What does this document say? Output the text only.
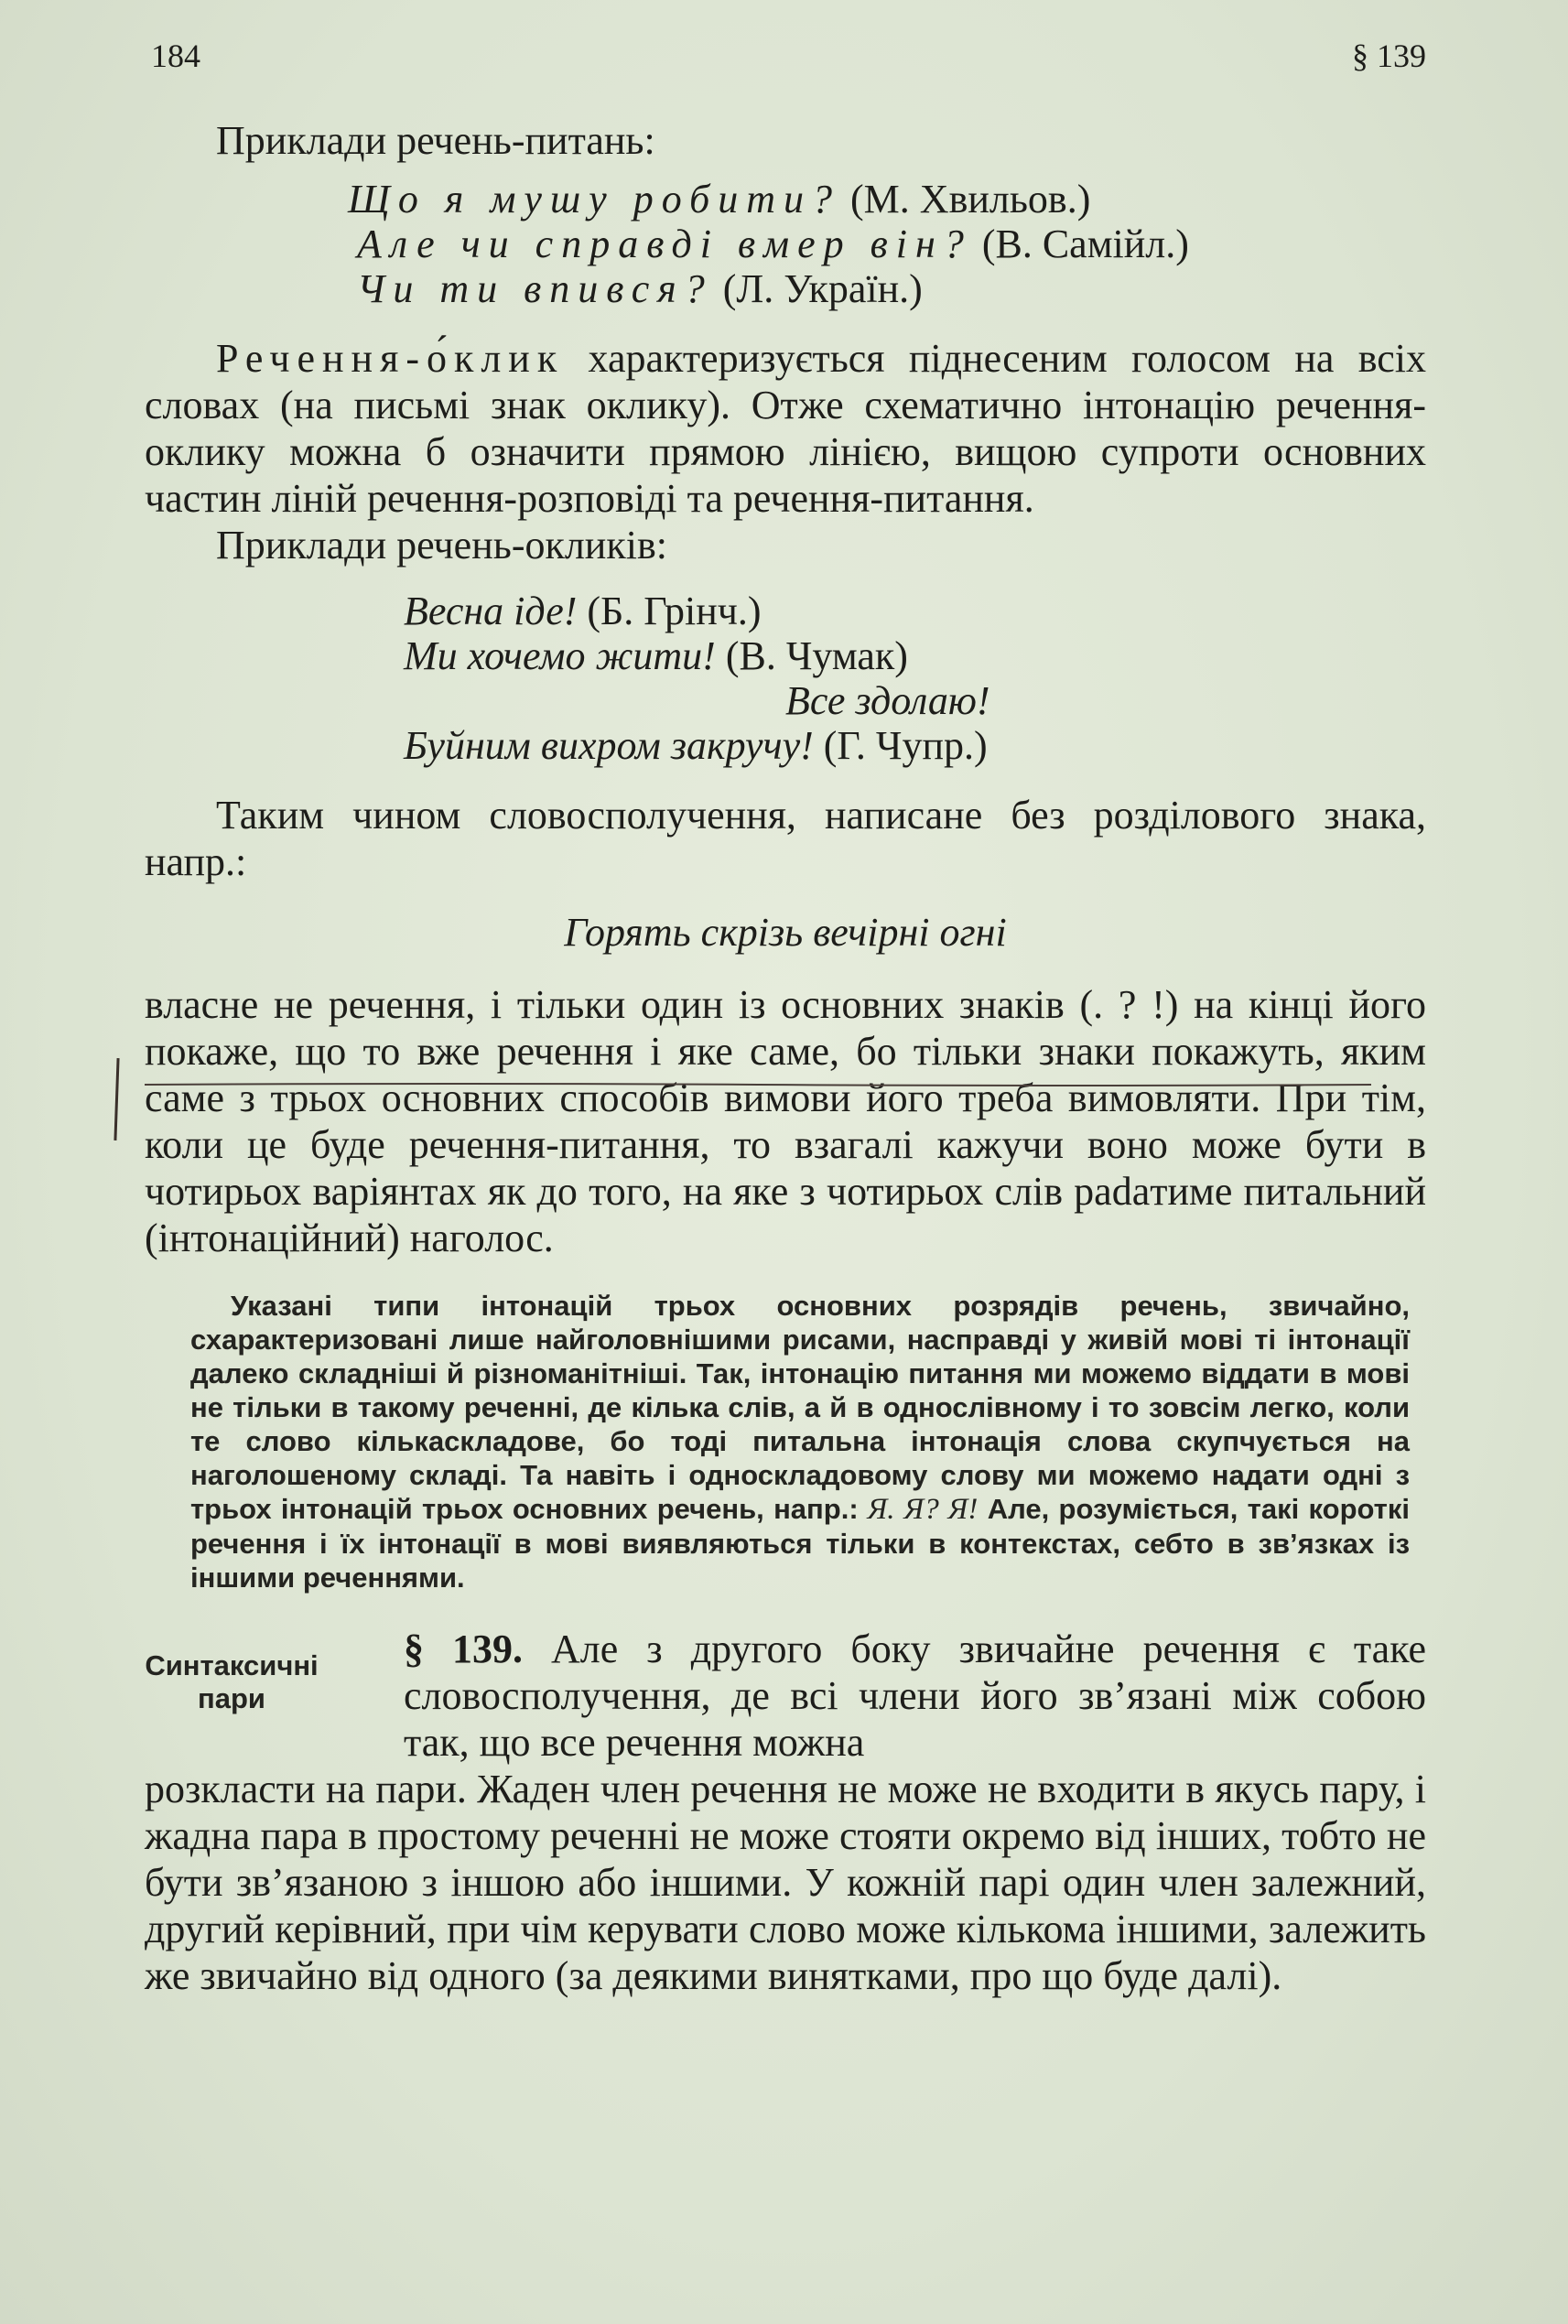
184	§ 139

Приклади речень-питань:

Що я мушу робити? (М. Хвильов.)

Але чи справді вмер він? (В. Самійл.)

Чи ти впився? (Л. Україн.)

Речення-о́клик характеризується піднесеним голосом на всіх словах (на письмі знак оклику). Отже схематично інтонацію речення-оклику можна б означити прямою лінією, вищою супроти основних частин ліній речення-розповіді та речення-питання.

Приклади речень-окликів:

Весна іде! (Б. Грінч.)

Ми хочемо жити! (В. Чумак)

Все здолаю!

Буйним вихром закручу! (Г. Чупр.)

Таким чином словосполучення, написане без розділового знака, напр.:

Горять скрізь вечірні огні

власне не речення, і тільки один із основних знаків (. ? !) на кінці його покаже, що то вже речення і яке саме, бо тільки знаки покажуть, яким саме з трьох основних способів вимови його треба вимовляти. При тім, коли це буде речення-питання, то взагалі кажучи воно може бути в чотирьох варіянтах як до того, на яке з чотирьох слів padaтиме питальний (інтонаційний) наголос.

Указані типи інтонацій трьох основних розрядів речень, звичайно, схарактеризовані лише найголовнішими рисами, насправді у живій мові ті інтонації далеко складніші й різноманітніші. Так, інтонацію питання ми можемо віддати в мові не тільки в такому реченні, де кілька слів, а й в однослівному і то зовсім легко, коли те слово кількаскладове, бо тоді питальна інтонація слова скупчується на наголошеному складі. Та навіть і односкладовому слову ми можемо надати одні з трьох інтонацій трьох основних речень, напр.: Я. Я? Я! Але, розуміється, такі короткі речення і їх інтонації в мові виявляються тільки в контекстах, себто в зв’язках із іншими реченнями.

Синтаксичні
пари

§ 139. Але з другого боку звичайне речення є таке словосполучення, де всі члени його зв’язані між собою так, що все речення можна

розкласти на пари. Жаден член речення не може не входити в якусь пару, і жадна пара в простому реченні не може стояти окремо від інших, тобто не бути зв’язаною з іншою або іншими. У кожній парі один член залежний, другий керівний, при чім керувати слово може кількома іншими, залежить же звичайно від одного (за деякими винятками, про що буде далі).
